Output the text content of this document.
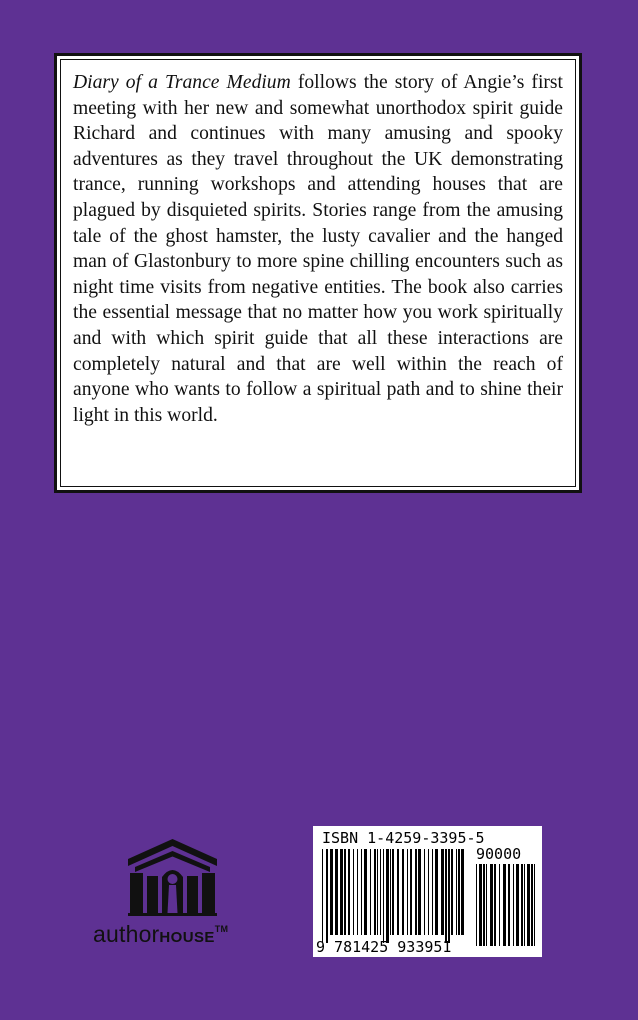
Diary of a Trance Medium follows the story of Angie’s first meeting with her new and somewhat unorthodox spirit guide Richard and continues with many amusing and spooky adventures as they travel throughout the UK demonstrating trance, running workshops and attending houses that are plagued by disquieted spirits. Stories range from the amusing tale of the ghost hamster, the lusty cavalier and the hanged man of Glastonbury to more spine chilling encounters such as night time visits from negative entities. The book also carries the essential message that no matter how you work spiritually and with which spirit guide that all these interactions are completely natural and that are well within the reach of anyone who wants to follow a spiritual path and to shine their light in this world.

authorHOUSE™
ISBN 1-4259-3395-5
90000
9 781425 933951
